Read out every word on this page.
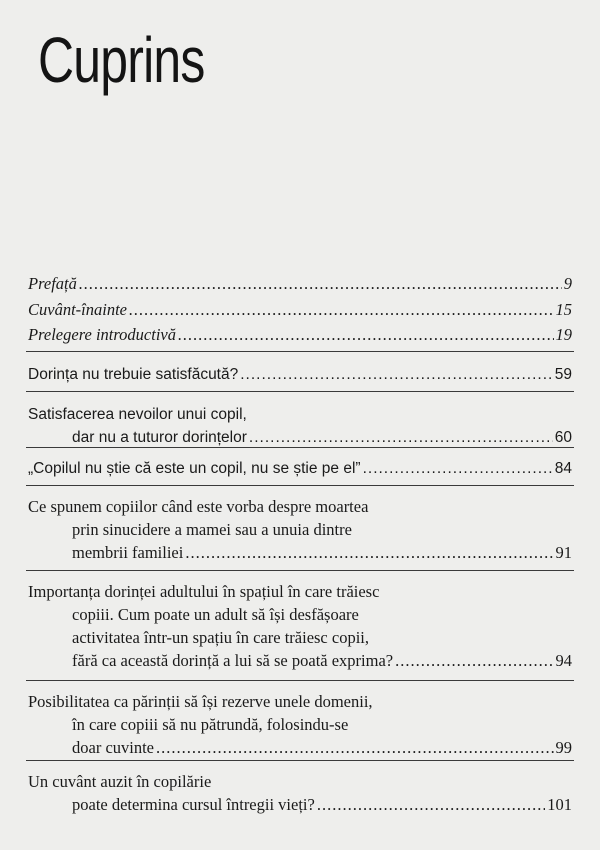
Cuprins
Prefață .....	9
Cuvânt-înainte .....	15
Prelegere introductivă .....	19
Dorința nu trebuie satisfăcută? .....	59
Satisfacerea nevoilor unui copil,
dar nu a tuturor dorințelor .....	60
„Copilul nu știe că este un copil, nu se știe pe el” .....	84
Ce spunem copiilor când este vorba despre moartea
prin sinucidere a mamei sau a unuia dintre
membrii familiei .....	91
Importanța dorinței adultului în spațiul în care trăiesc
copiii. Cum poate un adult să își desfășoare
activitatea într-un spațiu în care trăiesc copii,
fără ca această dorință a lui să se poată exprima? .....	94
Posibilitatea ca părinții să își rezerve unele domenii,
în care copiii să nu pătrundă, folosindu-se
doar cuvinte .....	99
Un cuvânt auzit în copilărie
poate determina cursul întregii vieți? .....	101
